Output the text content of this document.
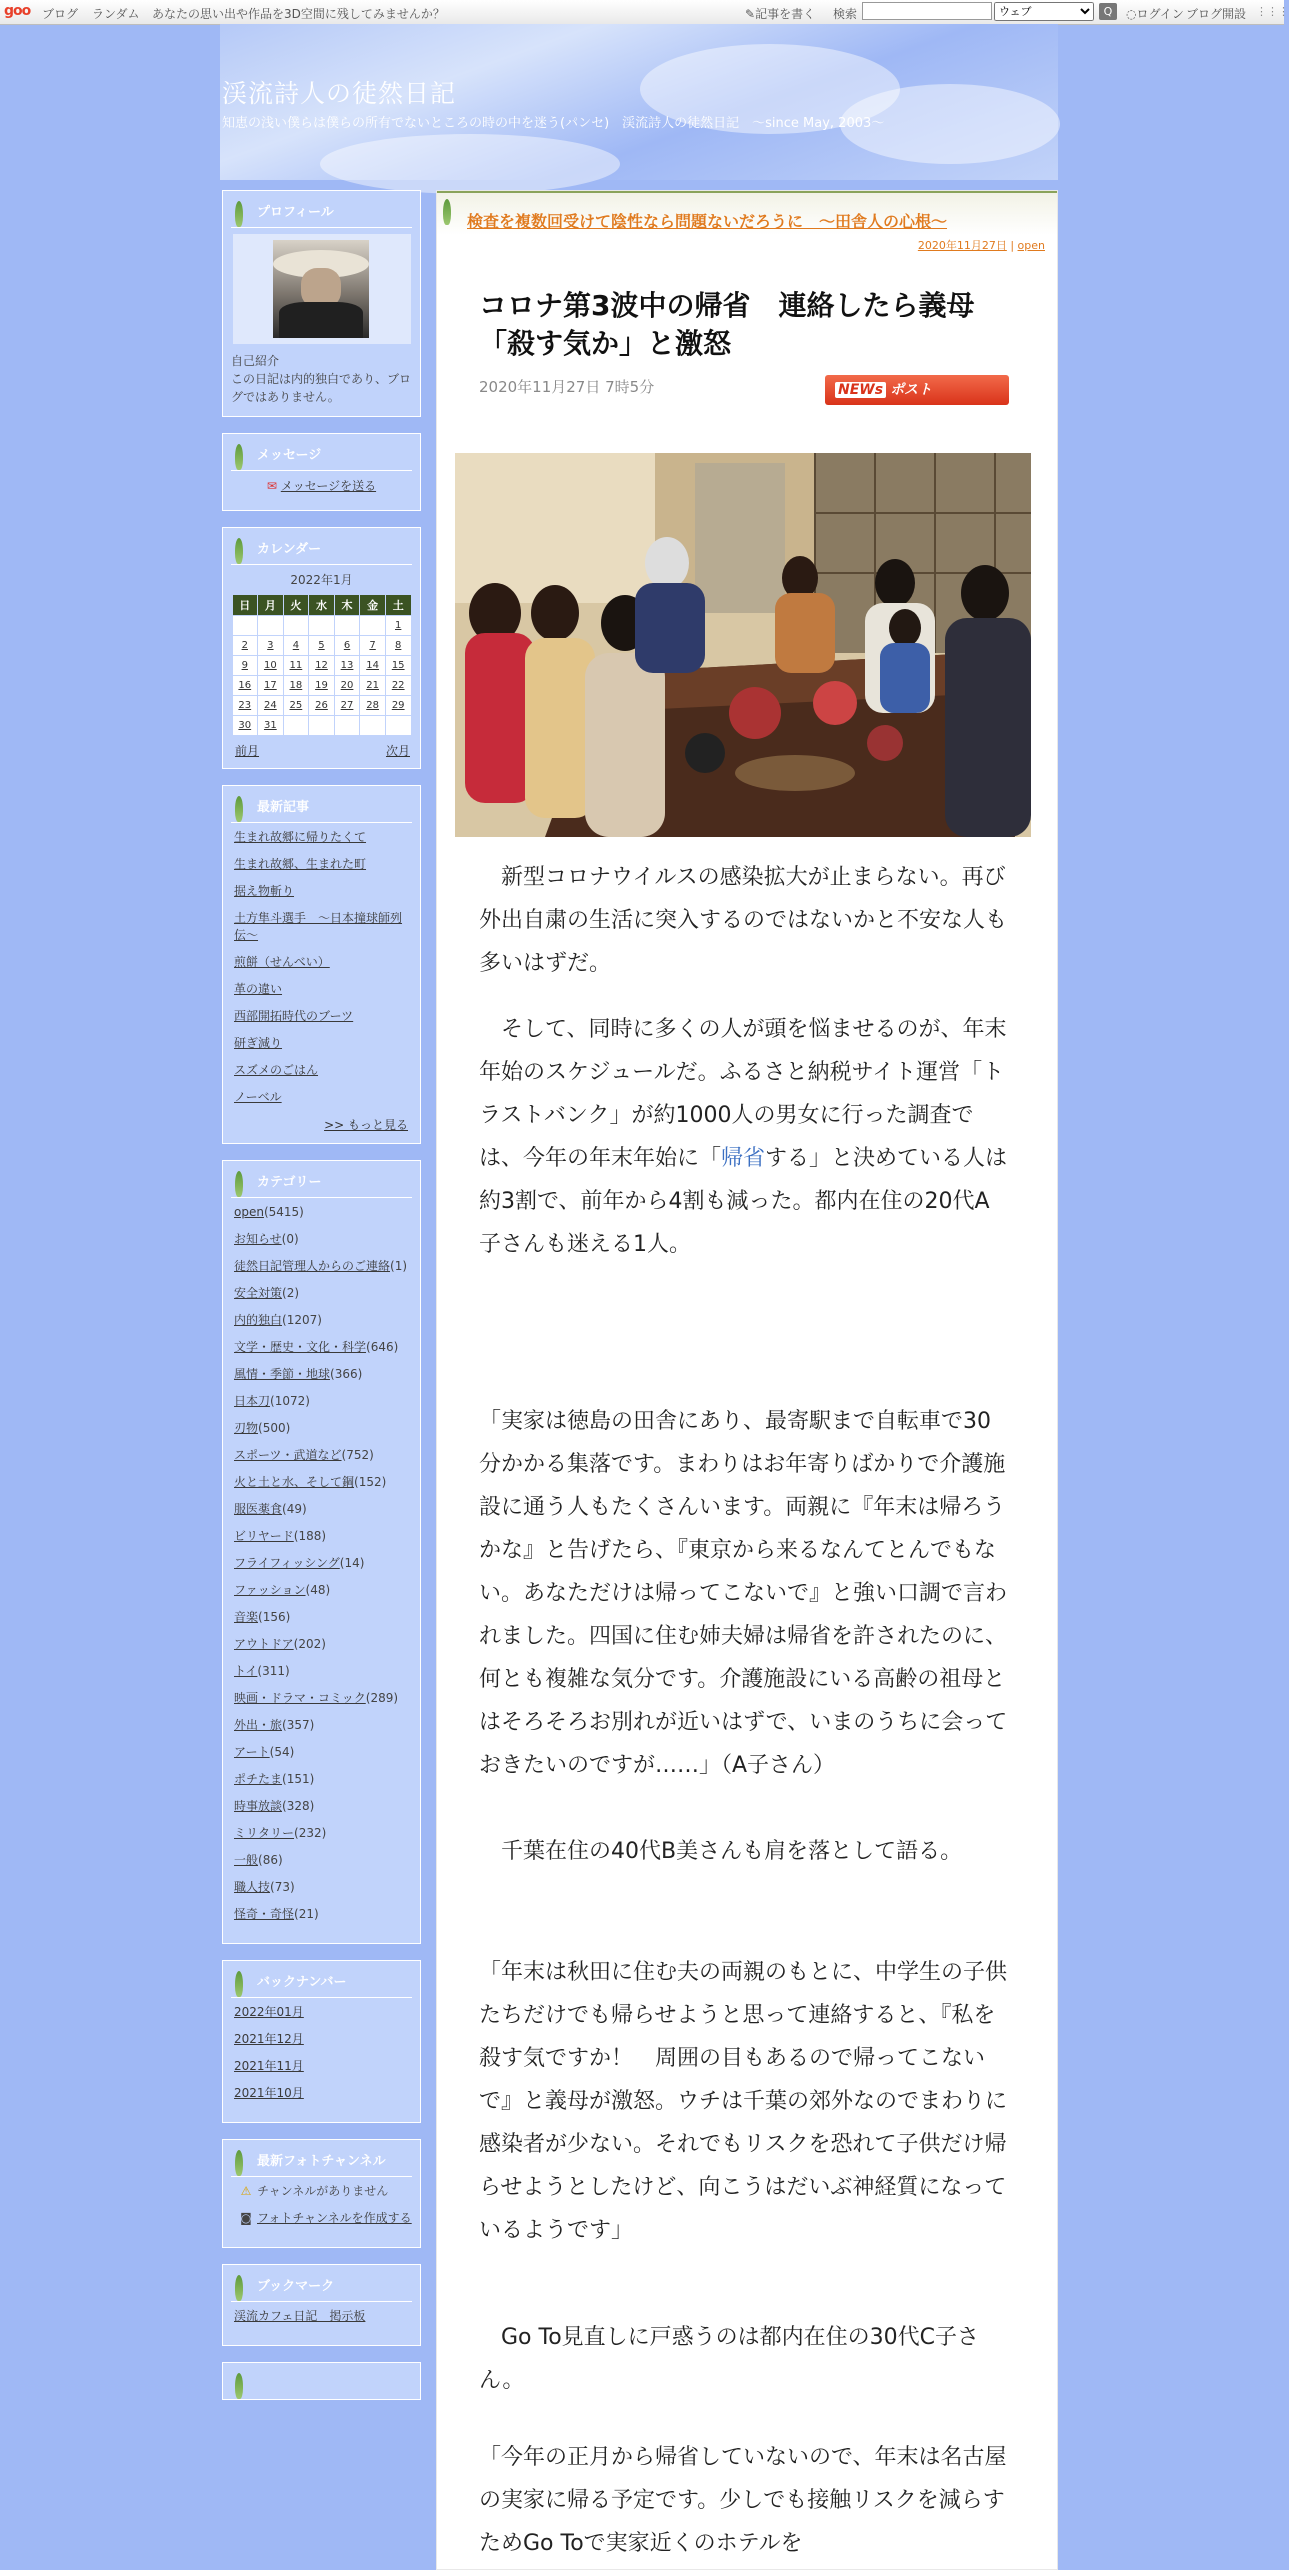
goo ブログ ランダム あなたの思い出や作品を3D空間に残してみませんか？	✎記事を書く 検索
ウェブ	Q	◌ログイン ブログ開設 ⋮⋮⋮
渓流詩人の徒然日記
知恵の浅い僕らは僕らの所有でないところの時の中を迷う(パンセ)　渓流詩人の徒然日記　～since May, 2003～
プロフィール
自己紹介
この日記は内的独白であり、ブログではありません。
メッセージ
✉ メッセージを送る
カレンダー
2022年1月
日	月	火	水	木	金	土
						1
2	3	4	5	6	7	8
9	10	11	12	13	14	15
16	17	18	19	20	21	22
23	24	25	26	27	28	29
30	31					
前月	次月
最新記事
生まれ故郷に帰りたくて
生まれ故郷、生まれた町
据え物斬り
土方隼斗選手　～日本撞球師列伝～
煎餅（せんべい）
革の違い
西部開拓時代のブーツ
研ぎ減り
スズメのごはん
ノーベル
>> もっと見る
カテゴリー
open(5415)
お知らせ(0)
徒然日記管理人からのご連絡(1)
安全対策(2)
内的独白(1207)
文学・歴史・文化・科学(646)
風情・季節・地球(366)
日本刀(1072)
刃物(500)
スポーツ・武道など(752)
火と土と水、そして鋼(152)
服医薬食(49)
ビリヤード(188)
フライフィッシング(14)
ファッション(48)
音楽(156)
アウトドア(202)
トイ(311)
映画・ドラマ・コミック(289)
外出・旅(357)
アート(54)
ポチたま(151)
時事放談(328)
ミリタリー(232)
一般(86)
職人技(73)
怪奇・奇怪(21)
バックナンバー
2022年01月
2021年12月
2021年11月
2021年10月
最新フォトチャンネル
⚠ チャンネルがありません
◙ フォトチャンネルを作成する
ブックマーク
渓流カフェ日記　掲示板
検査を複数回受けて陰性なら問題ないだろうに　～田舎人の心根～
2020年11月27日 | open
コロナ第3波中の帰省　連絡したら義母「殺す気か」と激怒
2020年11月27日 7時5分	NEWs ポスト
　新型コロナウイルスの感染拡大が止まらない。再び外出自粛の生活に突入するのではないかと不安な人も多いはずだ。
　そして、同時に多くの人が頭を悩ませるのが、年末年始のスケジュールだ。ふるさと納税サイト運営「トラストバンク」が約1000人の男女に行った調査では、今年の年末年始に「帰省する」と決めている人は約3割で、前年から4割も減った。都内在住の20代A子さんも迷える1人。
「実家は徳島の田舎にあり、最寄駅まで自転車で30分かかる集落です。まわりはお年寄りばかりで介護施設に通う人もたくさんいます。両親に『年末は帰ろうかな』と告げたら、『東京から来るなんてとんでもない。あなただけは帰ってこないで』と強い口調で言われました。四国に住む姉夫婦は帰省を許されたのに、何とも複雑な気分です。介護施設にいる高齢の祖母とはそろそろお別れが近いはずで、いまのうちに会っておきたいのですが……」（A子さん）
　千葉在住の40代B美さんも肩を落として語る。
「年末は秋田に住む夫の両親のもとに、中学生の子供たちだけでも帰らせようと思って連絡すると、『私を殺す気ですか！　周囲の目もあるので帰ってこないで』と義母が激怒。ウチは千葉の郊外なのでまわりに感染者が少ない。それでもリスクを恐れて子供だけ帰らせようとしたけど、向こうはだいぶ神経質になっているようです」
　Go To見直しに戸惑うのは都内在住の30代C子さん。
「今年の正月から帰省していないので、年末は名古屋の実家に帰る予定です。少しでも接触リスクを減らすためGo Toで実家近くのホテルを
